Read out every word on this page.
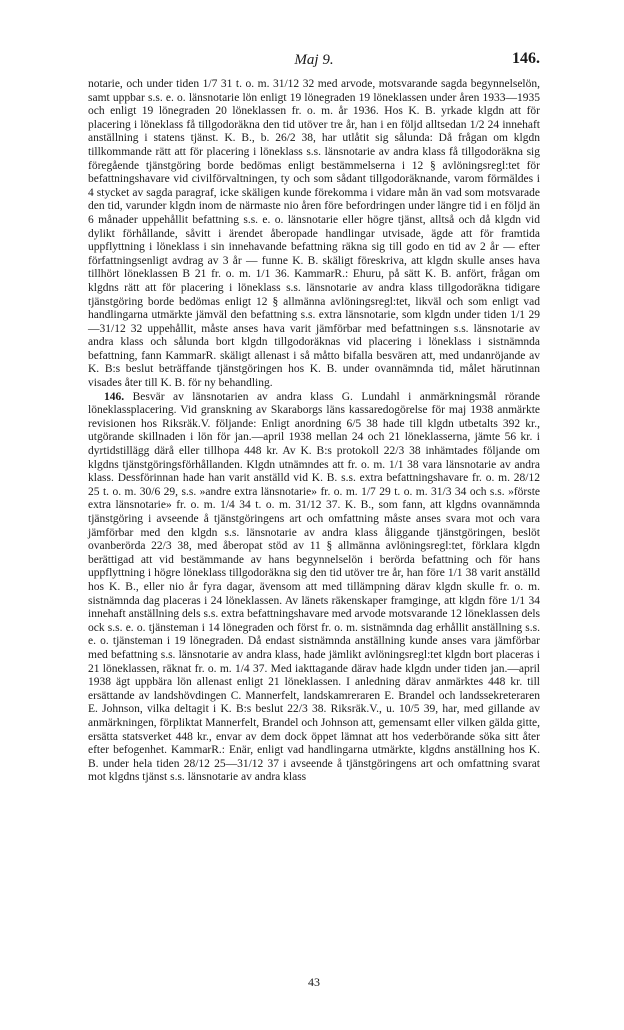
Maj 9.	146.

notarie, och under tiden 1/7 31 t. o. m. 31/12 32 med arvode, motsvarande sagda begynnelselön, samt uppbar s.s. e. o. länsnotarie lön enligt 19 lönegraden 19 löneklassen under åren 1933—1935 och enligt 19 lönegraden 20 löneklassen fr. o. m. år 1936. Hos K. B. yrkade klgdn att för placering i löneklass få tillgodoräkna den tid utöver tre år, han i en följd alltsedan 1/2 24 innehaft anställning i statens tjänst. K. B., b. 26/2 38, har utlåtit sig sålunda: Då frågan om klgdn tillkommande rätt att för placering i löneklass s.s. länsnotarie av andra klass få tillgodoräkna sig föregående tjänstgöring borde bedömas enligt bestämmelserna i 12 § avlöningsregl:tet för befattningshavare vid civilförvaltningen, ty och som sådant tillgodoräknande, varom förmäldes i 4 stycket av sagda paragraf, icke skäligen kunde förekomma i vidare mån än vad som motsvarade den tid, varunder klgdn inom de närmaste nio åren före befordringen under längre tid i en följd än 6 månader uppehållit befattning s.s. e. o. länsnotarie eller högre tjänst, alltså och då klgdn vid dylikt förhållande, såvitt i ärendet åberopade handlingar utvisade, ägde att för framtida uppflyttning i löneklass i sin innehavande befattning räkna sig till godo en tid av 2 år — efter författningsenligt avdrag av 3 år — funne K. B. skäligt föreskriva, att klgdn skulle anses hava tillhört löneklassen B 21 fr. o. m. 1/1 36. KammarR.: Ehuru, på sätt K. B. anfört, frågan om klgdns rätt att för placering i löneklass s.s. länsnotarie av andra klass tillgodoräkna tidigare tjänstgöring borde bedömas enligt 12 § allmänna avlöningsregl:tet, likväl och som enligt vad handlingarna utmärkte jämväl den befattning s.s. extra länsnotarie, som klgdn under tiden 1/1 29—31/12 32 uppehållit, måste anses hava varit jämförbar med befattningen s.s. länsnotarie av andra klass och sålunda bort klgdn tillgodoräknas vid placering i löneklass i sistnämnda befattning, fann KammarR. skäligt allenast i så måtto bifalla besvären att, med undanröjande av K. B:s beslut beträffande tjänstgöringen hos K. B. under ovannämnda tid, målet härutinnan visades åter till K. B. för ny behandling.

146. Besvär av länsnotarien av andra klass G. Lundahl i anmärkningsmål rörande löneklassplacering. Vid granskning av Skaraborgs läns kassaredogörelse för maj 1938 anmärkte revisionen hos Riksräk.V. följande: Enligt anordning 6/5 38 hade till klgdn utbetalts 392 kr., utgörande skillnaden i lön för jan.—april 1938 mellan 24 och 21 löneklasserna, jämte 56 kr. i dyrtidstillägg därå eller tillhopa 448 kr. Av K. B:s protokoll 22/3 38 inhämtades följande om klgdns tjänstgöringsförhållanden. Klgdn utnämndes att fr. o. m. 1/1 38 vara länsnotarie av andra klass. Dessförinnan hade han varit anställd vid K. B. s.s. extra befattningshavare fr. o. m. 28/12 25 t. o. m. 30/6 29, s.s. »andre extra länsnotarie» fr. o. m. 1/7 29 t. o. m. 31/3 34 och s.s. »förste extra länsnotarie» fr. o. m. 1/4 34 t. o. m. 31/12 37. K. B., som fann, att klgdns ovannämnda tjänstgöring i avseende å tjänstgöringens art och omfattning måste anses svara mot och vara jämförbar med den klgdn s.s. länsnotarie av andra klass åliggande tjänstgöringen, beslöt ovanberörda 22/3 38, med åberopat stöd av 11 § allmänna avlöningsregl:tet, förklara klgdn berättigad att vid bestämmande av hans begynnelselön i berörda befattning och för hans uppflyttning i högre löneklass tillgodoräkna sig den tid utöver tre år, han före 1/1 38 varit anställd hos K. B., eller nio år fyra dagar, ävensom att med tillämpning därav klgdn skulle fr. o. m. sistnämnda dag placeras i 24 löneklassen. Av länets räkenskaper framginge, att klgdn före 1/1 34 innehaft anställning dels s.s. extra befattningshavare med arvode motsvarande 12 löneklassen dels ock s.s. e. o. tjänsteman i 14 lönegraden och först fr. o. m. sistnämnda dag erhållit anställning s.s. e. o. tjänsteman i 19 lönegraden. Då endast sistnämnda anställning kunde anses vara jämförbar med befattning s.s. länsnotarie av andra klass, hade jämlikt avlöningsregl:tet klgdn bort placeras i 21 löneklassen, räknat fr. o. m. 1/4 37. Med iakttagande därav hade klgdn under tiden jan.—april 1938 ägt uppbära lön allenast enligt 21 löneklassen. I anledning därav anmärktes 448 kr. till ersättande av landshövdingen C. Mannerfelt, landskamreraren E. Brandel och landssekreteraren E. Johnson, vilka deltagit i K. B:s beslut 22/3 38. Riksräk.V., u. 10/5 39, har, med gillande av anmärkningen, förpliktat Mannerfelt, Brandel och Johnson att, gemensamt eller vilken gälda gitte, ersätta statsverket 448 kr., envar av dem dock öppet lämnat att hos vederbörande söka sitt åter efter befogenhet. KammarR.: Enär, enligt vad handlingarna utmärkte, klgdns anställning hos K. B. under hela tiden 28/12 25—31/12 37 i avseende å tjänstgöringens art och omfattning svarat mot klgdns tjänst s.s. länsnotarie av andra klass

43
